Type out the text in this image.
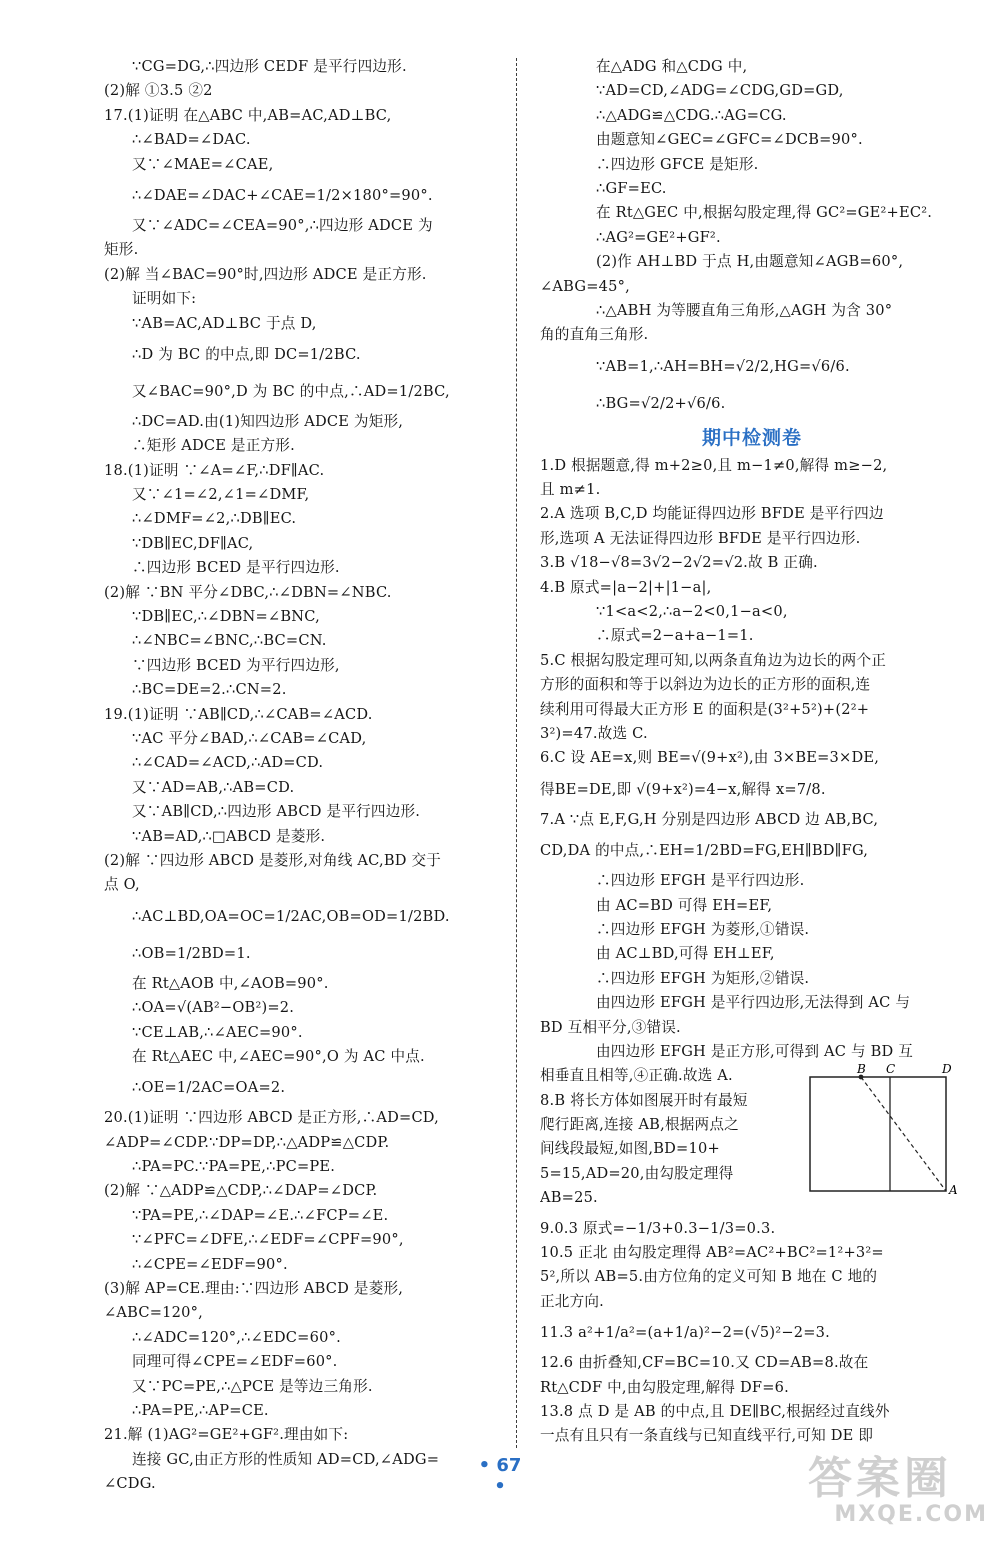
∵CG=DG,∴四边形 CEDF 是平行四边形.
(2)解 ①3.5 ②2
17.(1)证明 在△ABC 中,AB=AC,AD⊥BC,
∴∠BAD=∠DAC.
又∵∠MAE=∠CAE,
∴∠DAE=∠DAC+∠CAE=1/2×180°=90°.
又∵∠ADC=∠CEA=90°,∴四边形 ADCE 为
矩形.
(2)解 当∠BAC=90°时,四边形 ADCE 是正方形.
证明如下:
∵AB=AC,AD⊥BC 于点 D,
∴D 为 BC 的中点,即 DC=1/2BC.
又∠BAC=90°,D 为 BC 的中点,∴AD=1/2BC,
∴DC=AD.由(1)知四边形 ADCE 为矩形,
∴矩形 ADCE 是正方形.
18.(1)证明 ∵∠A=∠F,∴DF∥AC.
又∵∠1=∠2,∠1=∠DMF,
∴∠DMF=∠2,∴DB∥EC.
∵DB∥EC,DF∥AC,
∴四边形 BCED 是平行四边形.
(2)解 ∵BN 平分∠DBC,∴∠DBN=∠NBC.
∵DB∥EC,∴∠DBN=∠BNC,
∴∠NBC=∠BNC,∴BC=CN.
∵四边形 BCED 为平行四边形,
∴BC=DE=2.∴CN=2.
19.(1)证明 ∵AB∥CD,∴∠CAB=∠ACD.
∵AC 平分∠BAD,∴∠CAB=∠CAD,
∴∠CAD=∠ACD,∴AD=CD.
又∵AD=AB,∴AB=CD.
又∵AB∥CD,∴四边形 ABCD 是平行四边形.
∵AB=AD,∴□ABCD 是菱形.
(2)解 ∵四边形 ABCD 是菱形,对角线 AC,BD 交于
点 O,
∴AC⊥BD,OA=OC=1/2AC,OB=OD=1/2BD.
∴OB=1/2BD=1.
在 Rt△AOB 中,∠AOB=90°.
∴OA=√(AB²−OB²)=2.
∵CE⊥AB,∴∠AEC=90°.
在 Rt△AEC 中,∠AEC=90°,O 为 AC 中点.
∴OE=1/2AC=OA=2.
20.(1)证明 ∵四边形 ABCD 是正方形,∴AD=CD,
∠ADP=∠CDP.∵DP=DP,∴△ADP≌△CDP.
∴PA=PC.∵PA=PE,∴PC=PE.
(2)解 ∵△ADP≌△CDP,∴∠DAP=∠DCP.
∵PA=PE,∴∠DAP=∠E.∴∠FCP=∠E.
∵∠PFC=∠DFE,∴∠EDF=∠CPF=90°,
∴∠CPE=∠EDF=90°.
(3)解 AP=CE.理由:∵四边形 ABCD 是菱形,
∠ABC=120°,
∴∠ADC=120°,∴∠EDC=60°.
同理可得∠CPE=∠EDF=60°.
又∵PC=PE,∴△PCE 是等边三角形.
∴PA=PE,∴AP=CE.
21.解 (1)AG²=GE²+GF².理由如下:
连接 GC,由正方形的性质知 AD=CD,∠ADG=
∠CDG.
在△ADG 和△CDG 中,
∵AD=CD,∠ADG=∠CDG,GD=GD,
∴△ADG≌△CDG.∴AG=CG.
由题意知∠GEC=∠GFC=∠DCB=90°.
∴四边形 GFCE 是矩形.
∴GF=EC.
在 Rt△GEC 中,根据勾股定理,得 GC²=GE²+EC².
∴AG²=GE²+GF².
(2)作 AH⊥BD 于点 H,由题意知∠AGB=60°,
∠ABG=45°,
∴△ABH 为等腰直角三角形,△AGH 为含 30°
角的直角三角形.
∵AB=1,∴AH=BH=√2/2,HG=√6/6.
∴BG=√2/2+√6/6.
期中检测卷
1.D 根据题意,得 m+2≥0,且 m−1≠0,解得 m≥−2,
且 m≠1.
2.A 选项 B,C,D 均能证得四边形 BFDE 是平行四边
形,选项 A 无法证得四边形 BFDE 是平行四边形.
3.B √18−√8=3√2−2√2=√2.故 B 正确.
4.B 原式=|a−2|+|1−a|,
∵1<a<2,∴a−2<0,1−a<0,
∴原式=2−a+a−1=1.
5.C 根据勾股定理可知,以两条直角边为边长的两个正
方形的面积和等于以斜边为边长的正方形的面积,连
续利用可得最大正方形 E 的面积是(3²+5²)+(2²+
3²)=47.故选 C.
6.C 设 AE=x,则 BE=√(9+x²),由 3×BE=3×DE,
得BE=DE,即 √(9+x²)=4−x,解得 x=7/8.
7.A ∵点 E,F,G,H 分别是四边形 ABCD 边 AB,BC,
CD,DA 的中点,∴EH=1/2BD=FG,EH∥BD∥FG,
∴四边形 EFGH 是平行四边形.
由 AC=BD 可得 EH=EF,
∴四边形 EFGH 为菱形,①错误.
由 AC⊥BD,可得 EH⊥EF,
∴四边形 EFGH 为矩形,②错误.
由四边形 EFGH 是平行四边形,无法得到 AC 与
BD 互相平分,③错误.
由四边形 EFGH 是正方形,可得到 AC 与 BD 互
相垂直且相等,④正确.故选 A.
8.B 将长方体如图展开时有最短
爬行距离,连接 AB,根据两点之
间线段最短,如图,BD=10+
5=15,AD=20,由勾股定理得
AB=25.
9.0.3 原式=−1/3+0.3−1/3=0.3.
10.5 正北 由勾股定理得 AB²=AC²+BC²=1²+3²=
5²,所以 AB=5.由方位角的定义可知 B 地在 C 地的
正北方向.
11.3 a²+1/a²=(a+1/a)²−2=(√5)²−2=3.
12.6 由折叠知,CF=BC=10.又 CD=AB=8.故在
Rt△CDF 中,由勾股定理,解得 DF=6.
13.8 点 D 是 AB 的中点,且 DE∥BC,根据经过直线外
一点有且只有一条直线与已知直线平行,可知 DE 即
B C	D
A
• 67 •	答案圈
MXQE.COM
